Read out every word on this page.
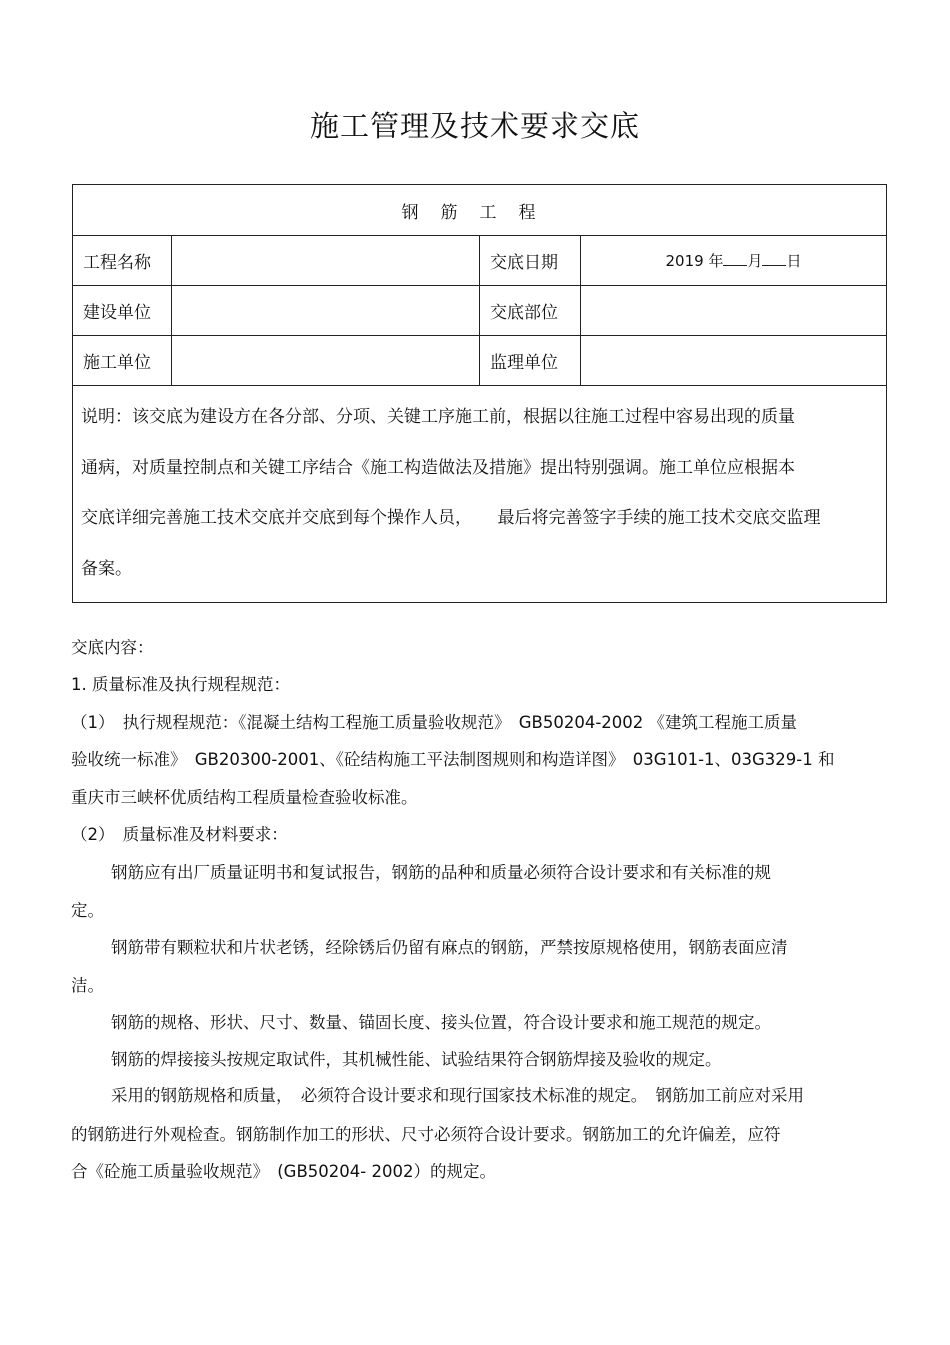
施工管理及技术要求交底
钢筋工程			
工程名称		交底日期	2019 年 月 日
建设单位		交底部位	
施工单位		监理单位	

说明：该交底为建设方在各分部、分项、关键工序施工前，根据以往施工过程中容易出现的质量
通病，对质量控制点和关键工序结合《施工构造做法及措施》提出特别强调。施工单位应根据本
交底详细完善施工技术交底并交底到每个操作人员，　　最后将完善签字手续的施工技术交底交监理
备案。			
交底内容：
1. 质量标准及执行规程规范：
（1）　执行规程规范：《混凝土结构工程施工质量验收规范》　GB50204-2002 《建筑工程施工质量
验收统一标准》　GB20300-2001、《砼结构施工平法制图规则和构造详图》　03G101-1、03G329-1 和
重庆市三峡杯优质结构工程质量检查验收标准。
（2）　质量标准及材料要求：
钢筋应有出厂质量证明书和复试报告，钢筋的品种和质量必须符合设计要求和有关标准的规
定。
钢筋带有颗粒状和片状老锈，经除锈后仍留有麻点的钢筋，严禁按原规格使用，钢筋表面应清
洁。
钢筋的规格、形状、尺寸、数量、锚固长度、接头位置，符合设计要求和施工规范的规定。
钢筋的焊接接头按规定取试件，其机械性能、试验结果符合钢筋焊接及验收的规定。
采用的钢筋规格和质量，　必须符合设计要求和现行国家技术标准的规定。　钢筋加工前应对采用
的钢筋进行外观检查。钢筋制作加工的形状、尺寸必须符合设计要求。钢筋加工的允许偏差，应符
合《砼施工质量验收规范》　(GB50204- 2002）的规定。
